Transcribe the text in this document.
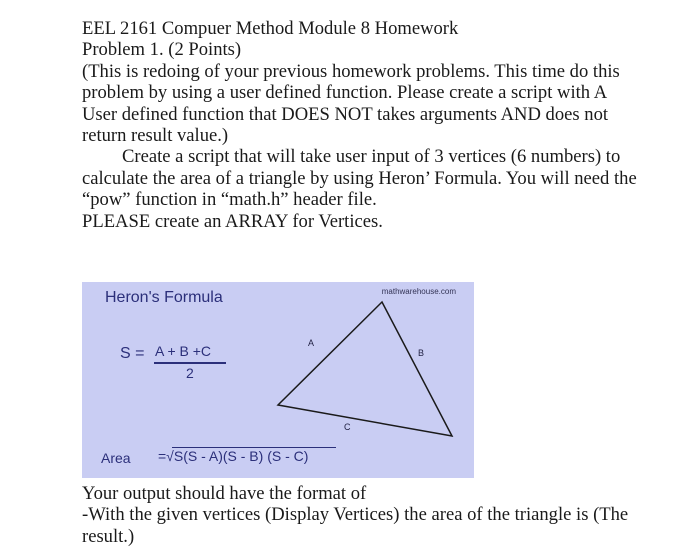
EEL 2161 Compuer Method Module 8 Homework

Problem 1. (2 Points)

(This is redoing of your previous homework problems. This time do this problem by using a user defined function. Please create a script with A User defined function that DOES NOT takes arguments AND does not return result value.)

Create a script that will take user input of 3 vertices (6 numbers) to calculate the area of a triangle by using Heron’ Formula. You will need the “pow” function in “math.h” header file.

PLEASE create an ARRAY for Vertices.

Heron's Formula	mathwarehouse.com
S = A + B +C
2
A
B
C
Area =√S(S - A)(S - B) (S - C)

Your output should have the format of

-With the given vertices (Display Vertices) the area of the triangle is (The result.)
